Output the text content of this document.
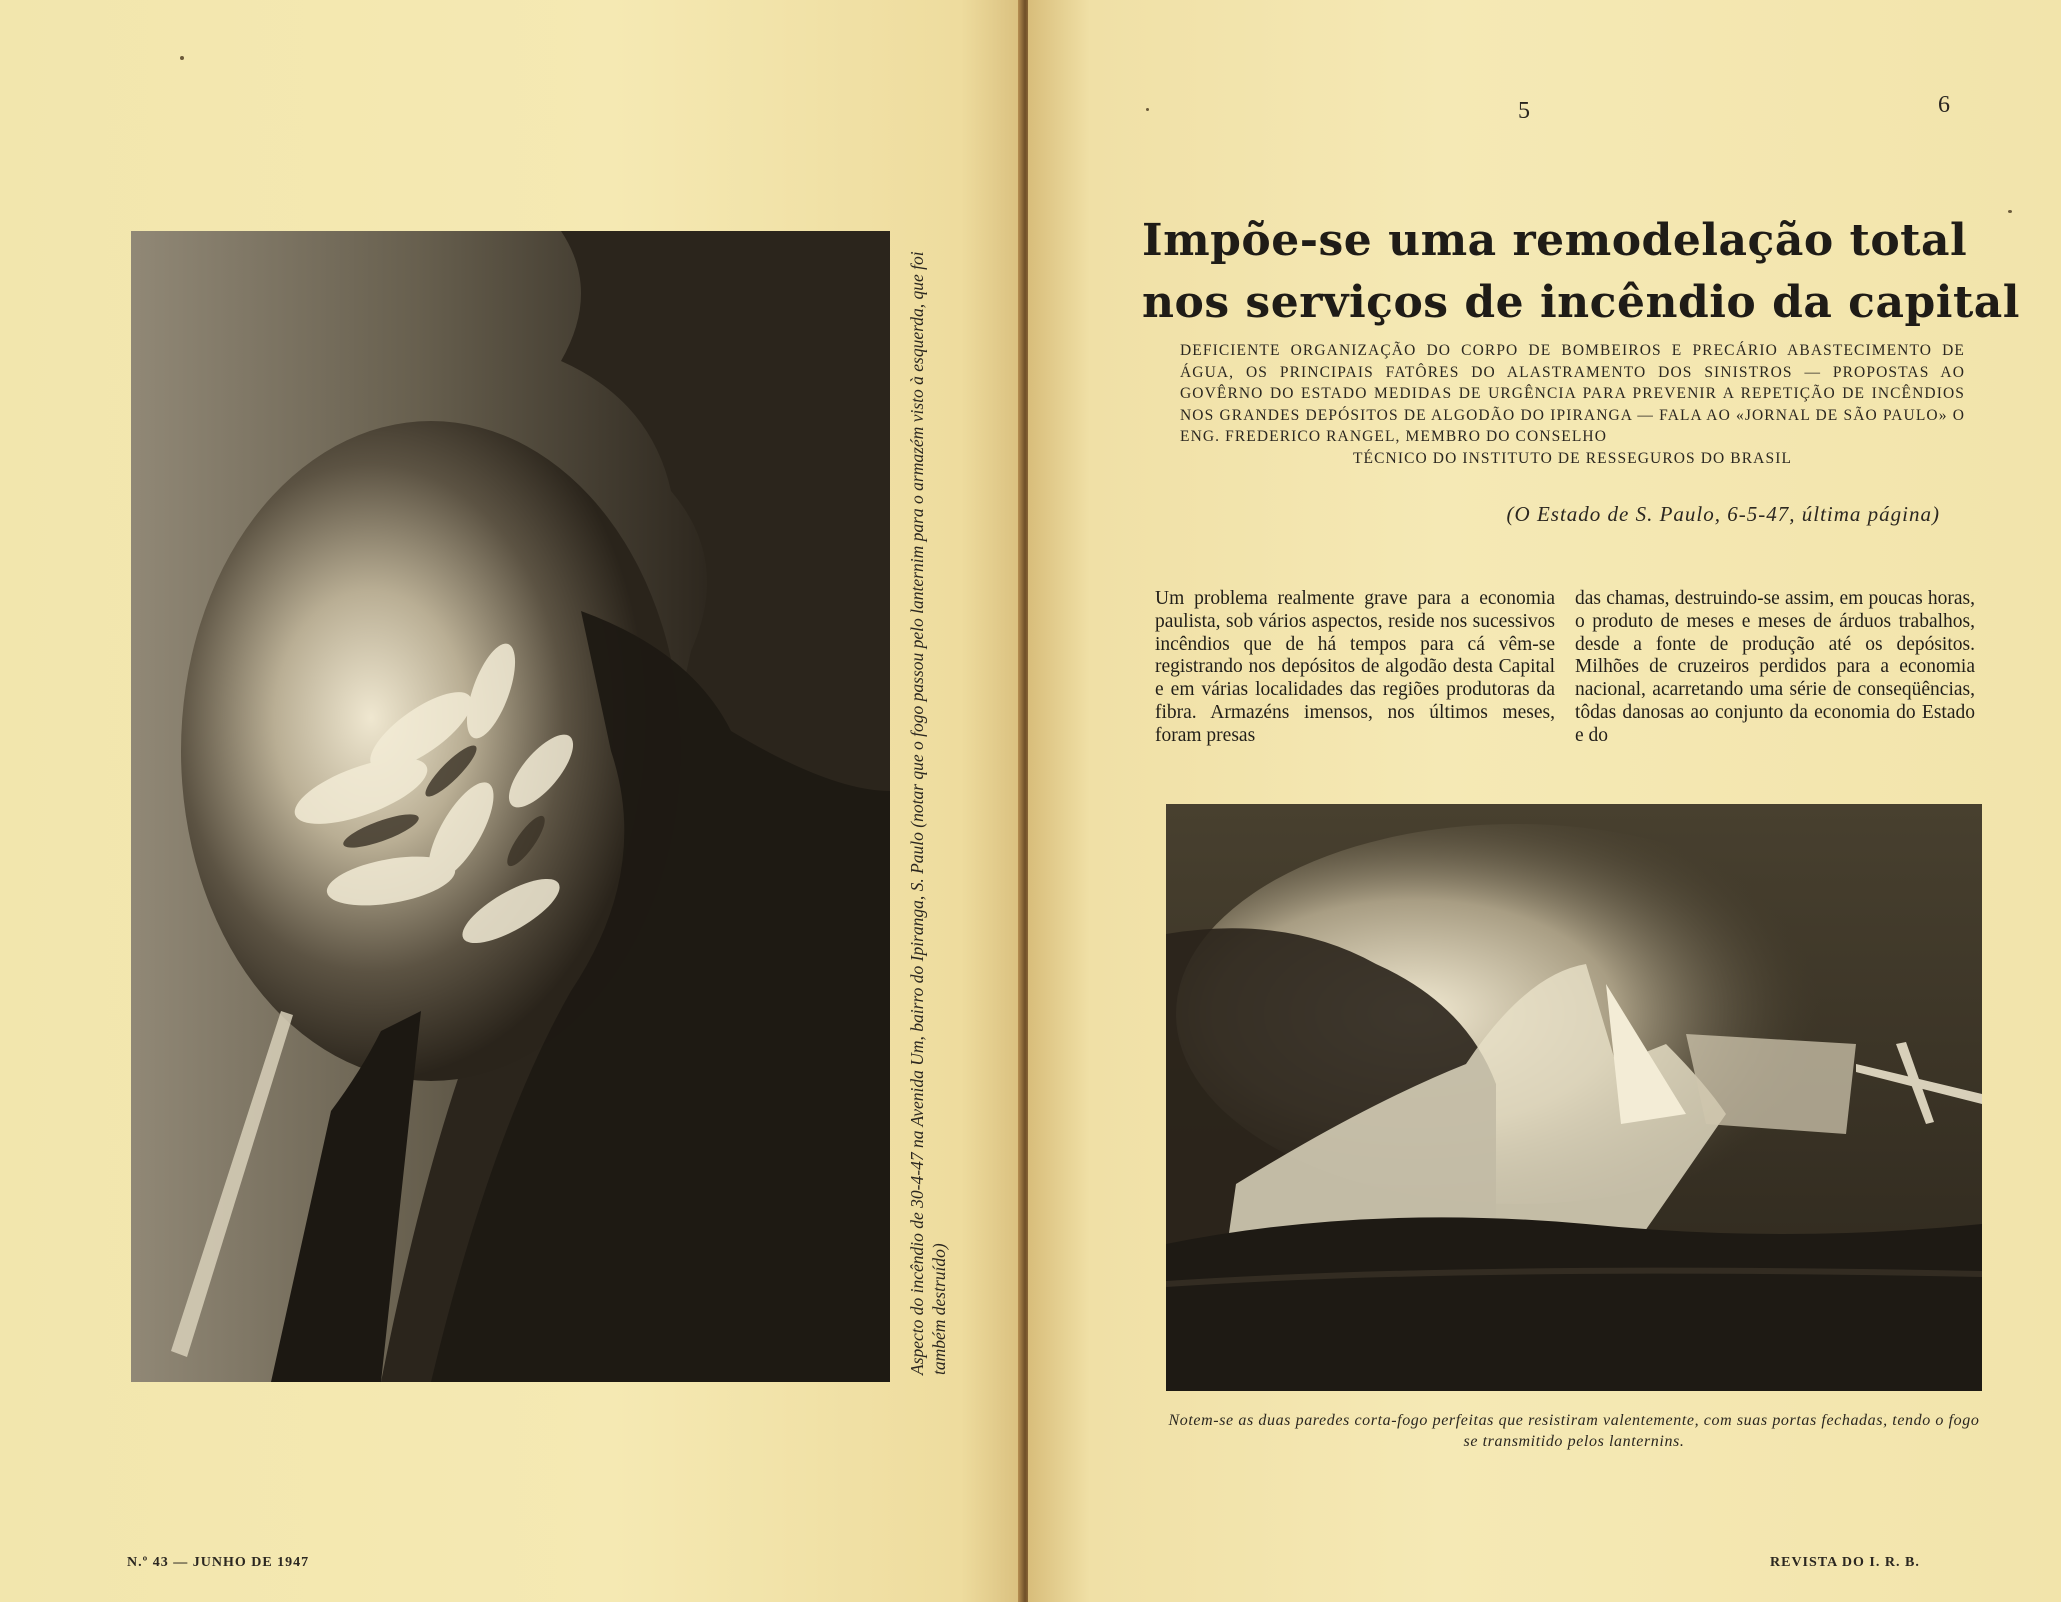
N.º 43 — JUNHO DE 1947
Aspecto do incêndio de 30-4-47 na Avenida Um, bairro do Ipiranga, S. Paulo (notar que o fogo passou pelo lanternim para o armazém visto à esquerda, que foi também destruído)
5	6
Impõe-se uma remodelação total
nos serviços de incêndio da capital
DEFICIENTE ORGANIZAÇÃO DO CORPO DE BOMBEIROS E PRECÁRIO ABASTECIMENTO DE ÁGUA, OS PRINCIPAIS FATÔRES DO ALASTRAMENTO DOS SINISTROS — PROPOSTAS AO GOVÊRNO DO ESTADO MEDIDAS DE URGÊNCIA PARA PREVENIR A REPETIÇÃO DE INCÊNDIOS NOS GRANDES DEPÓSITOS DE ALGODÃO DO IPIRANGA — FALA AO «JORNAL DE SÃO PAULO» O ENG. FREDERICO RANGEL, MEMBRO DO CONSELHO
TÉCNICO DO INSTITUTO DE RESSEGUROS DO BRASIL
(O Estado de S. Paulo, 6-5-47, última página)
Um problema realmente grave para a economia paulista, sob vários aspectos, reside nos sucessivos incêndios que de há tempos para cá vêm-se registrando nos depósitos de algodão desta Capital e em várias localidades das regiões produtoras da fibra. Armazéns imensos, nos últimos meses, foram presas
das chamas, destruindo-se assim, em poucas horas, o produto de meses e meses de árduos trabalhos, desde a fonte de produção até os depósitos. Milhões de cruzeiros perdidos para a economia nacional, acarretando uma série de conseqüências, tôdas danosas ao conjunto da economia do Estado e do
Notem-se as duas paredes corta-fogo perfeitas que resistiram valentemente, com suas portas fechadas, tendo o fogo se transmitido pelos lanternins.
REVISTA DO I. R. B.
